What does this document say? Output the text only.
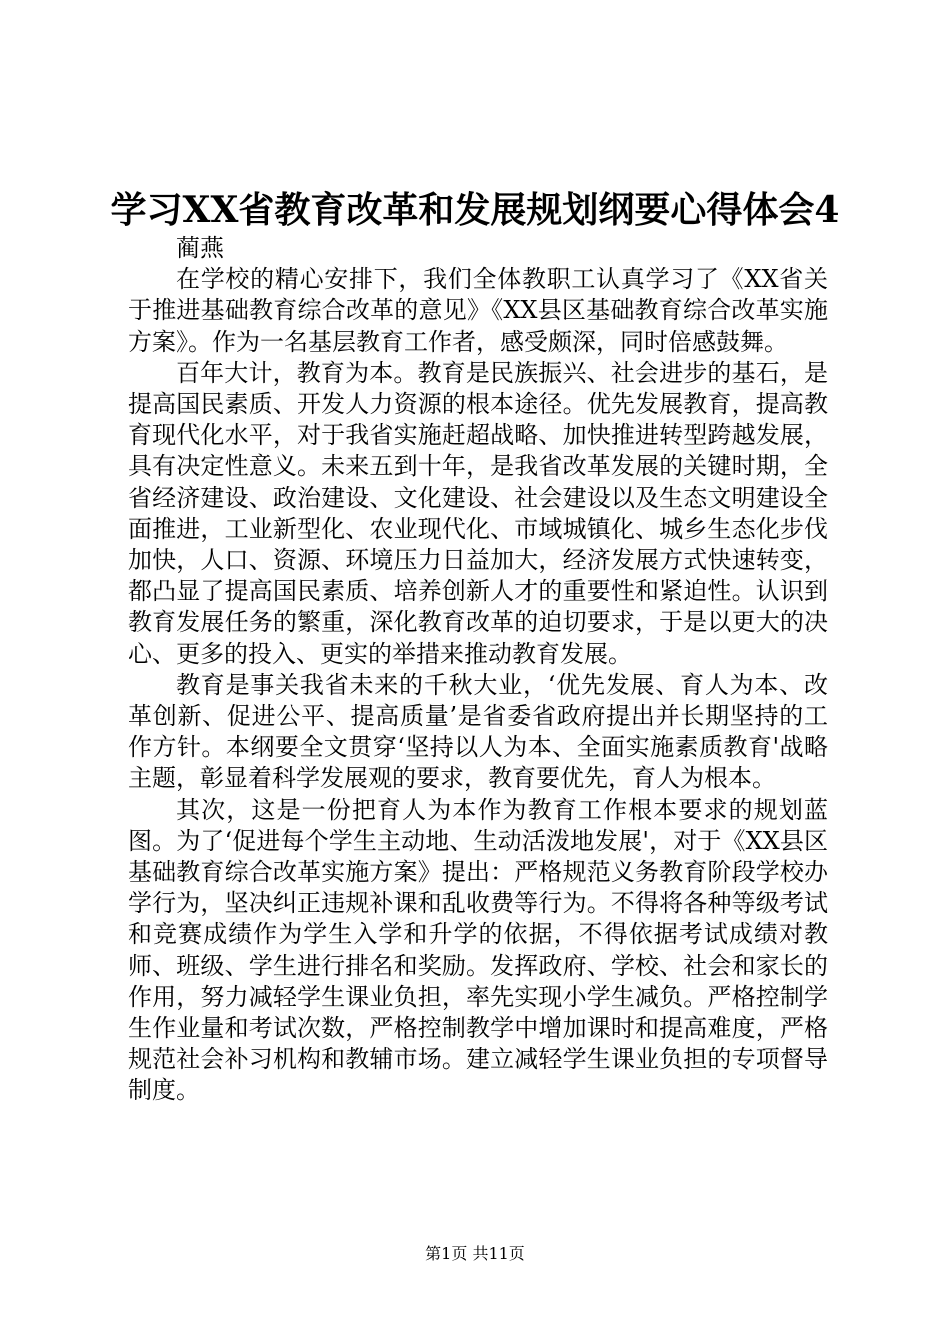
学习XX省教育改革和发展规划纲要心得体会4

蔺燕

在学校的精心安排下，我们全体教职工认真学习了《XX省关于推进基础教育综合改革的意见》《XX县区基础教育综合改革实施方案》。作为一名基层教育工作者，感受颇深，同时倍感鼓舞。

百年大计，教育为本。教育是民族振兴、社会进步的基石，是提高国民素质、开发人力资源的根本途径。优先发展教育，提高教育现代化水平，对于我省实施赶超战略、加快推进转型跨越发展，具有决定性意义。未来五到十年，是我省改革发展的关键时期，全省经济建设、政治建设、文化建设、社会建设以及生态文明建设全面推进，工业新型化、农业现代化、市域城镇化、城乡生态化步伐加快，人口、资源、环境压力日益加大，经济发展方式快速转变，都凸显了提高国民素质、培养创新人才的重要性和紧迫性。认识到教育发展任务的繁重，深化教育改革的迫切要求，于是以更大的决心、更多的投入、更实的举措来推动教育发展。

教育是事关我省未来的千秋大业，‘优先发展、育人为本、改革创新、促进公平、提高质量’是省委省政府提出并长期坚持的工作方针。本纲要全文贯穿‘坚持以人为本、全面实施素质教育'战略主题，彰显着科学发展观的要求，教育要优先，育人为根本。

其次，这是一份把育人为本作为教育工作根本要求的规划蓝图。为了‘促进每个学生主动地、生动活泼地发展'，对于《XX县区基础教育综合改革实施方案》提出：严格规范义务教育阶段学校办学行为，坚决纠正违规补课和乱收费等行为。不得将各种等级考试和竞赛成绩作为学生入学和升学的依据，不得依据考试成绩对教师、班级、学生进行排名和奖励。发挥政府、学校、社会和家长的作用，努力减轻学生课业负担，率先实现小学生减负。严格控制学生作业量和考试次数，严格控制教学中增加课时和提高难度，严格规范社会补习机构和教辅市场。建立减轻学生课业负担的专项督导制度。

第1页 共11页
